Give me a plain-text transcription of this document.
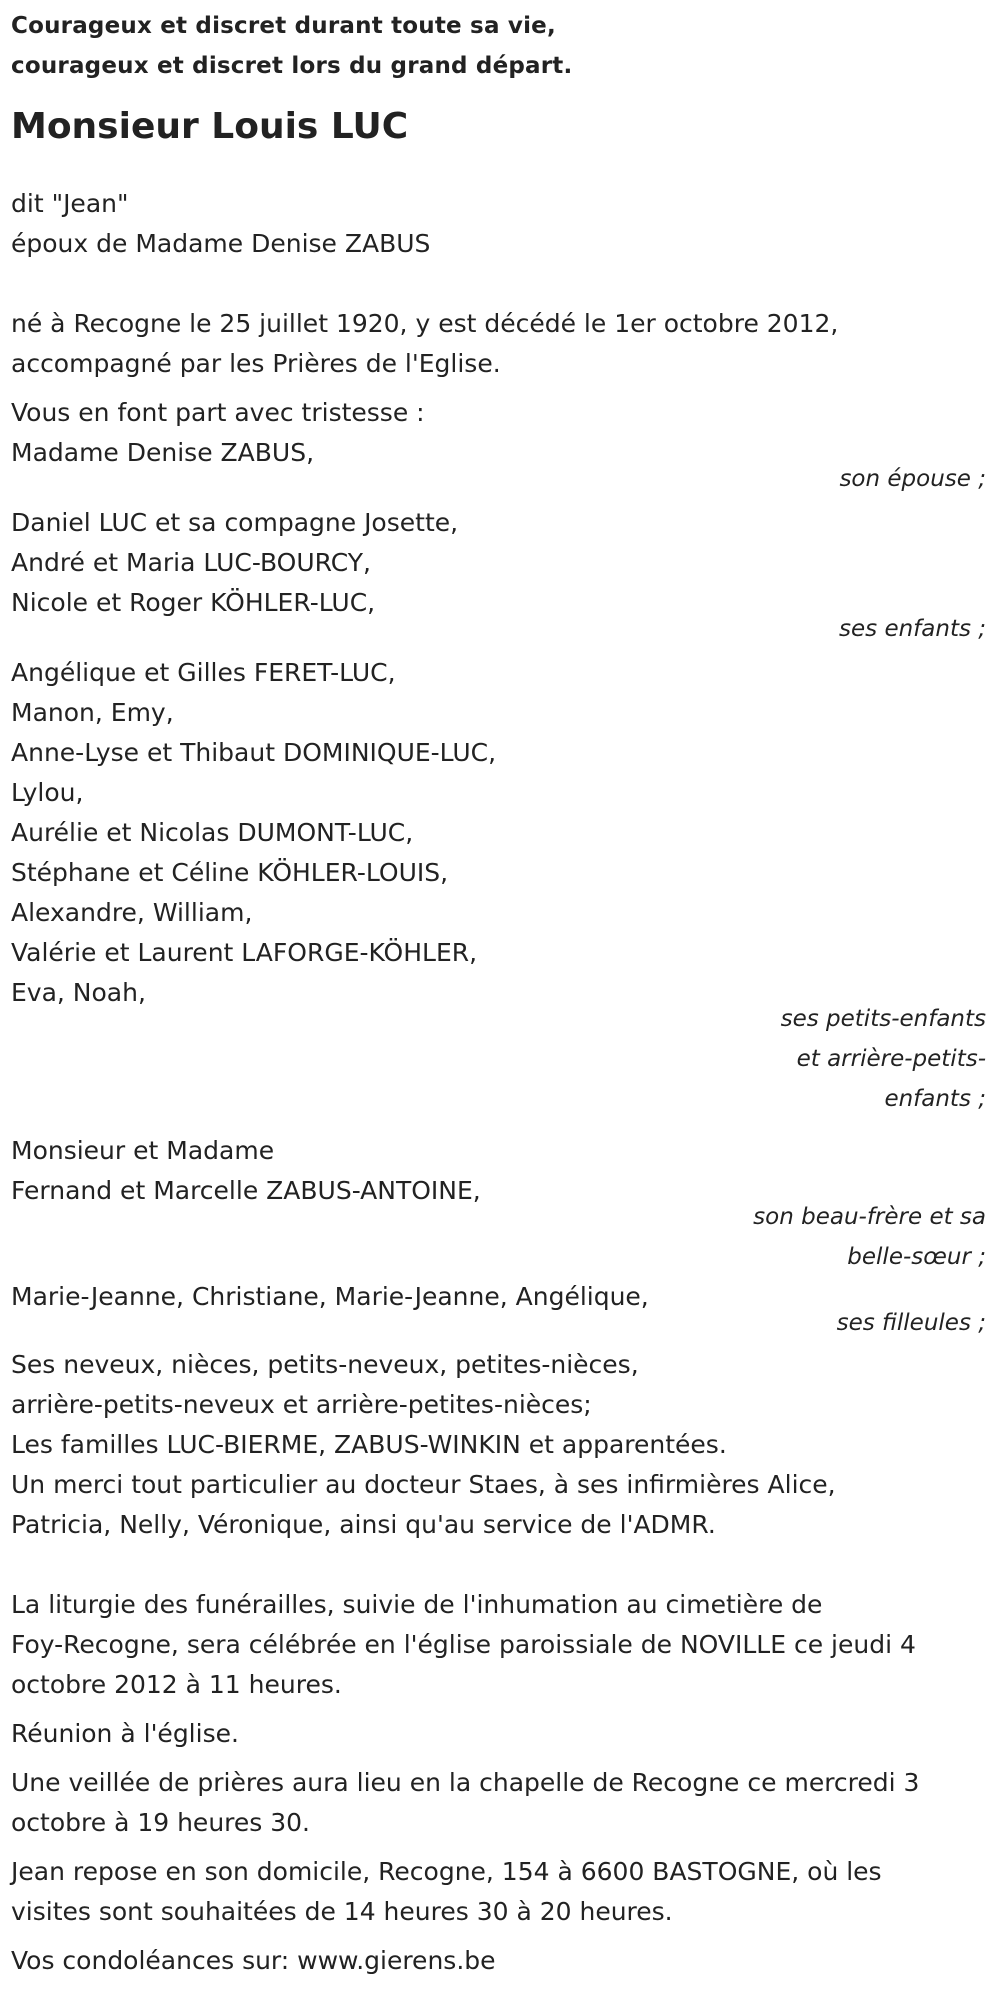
Courageux et discret durant toute sa vie,
courageux et discret lors du grand départ.
Monsieur Louis LUC
dit "Jean"
époux de Madame Denise ZABUS
né à Recogne le 25 juillet 1920, y est décédé le 1er octobre 2012,
accompagné par les Prières de l'Eglise.
Vous en font part avec tristesse :
Madame Denise ZABUS,
son épouse ;
Daniel LUC et sa compagne Josette,
André et Maria LUC-BOURCY,
Nicole et Roger KÖHLER-LUC,
ses enfants ;
Angélique et Gilles FERET-LUC,
Manon, Emy,
Anne-Lyse et Thibaut DOMINIQUE-LUC,
Lylou,
Aurélie et Nicolas DUMONT-LUC,
Stéphane et Céline KÖHLER-LOUIS,
Alexandre, William,
Valérie et Laurent LAFORGE-KÖHLER,
Eva, Noah,
ses petits-enfants
et arrière-petits-
enfants ;
Monsieur et Madame
Fernand et Marcelle ZABUS-ANTOINE,
son beau-frère et sa
belle-sœur ;
Marie-Jeanne, Christiane, Marie-Jeanne, Angélique,
ses filleules ;
Ses neveux, nièces, petits-neveux, petites-nièces,
arrière-petits-neveux et arrière-petites-nièces;
Les familles LUC-BIERME, ZABUS-WINKIN et apparentées.
Un merci tout particulier au docteur Staes, à ses infirmières Alice,
Patricia, Nelly, Véronique, ainsi qu'au service de l'ADMR.
La liturgie des funérailles, suivie de l'inhumation au cimetière de
Foy-Recogne, sera célébrée en l'église paroissiale de NOVILLE ce jeudi 4
octobre 2012 à 11 heures.
Réunion à l'église.
Une veillée de prières aura lieu en la chapelle de Recogne ce mercredi 3
octobre à 19 heures 30.
Jean repose en son domicile, Recogne, 154 à 6600 BASTOGNE, où les
visites sont souhaitées de 14 heures 30 à 20 heures.
Vos condoléances sur: www.gierens.be
